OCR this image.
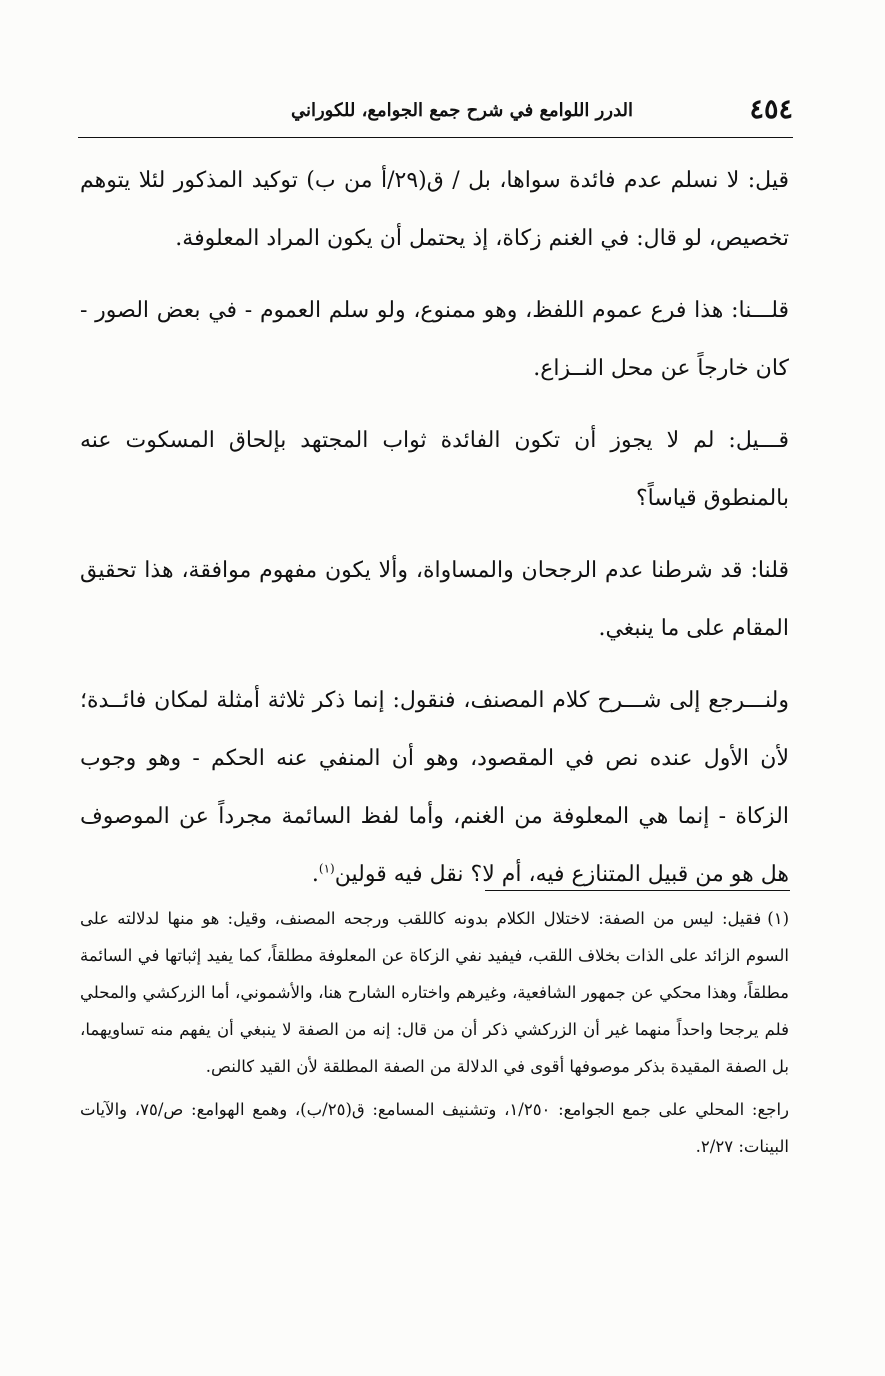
٤٥٤
الدرر اللوامع في شرح جمع الجوامع، للكوراني

قيل: لا نسلم عدم فائدة سواها، بل / ق(٢٩/أ من ب) توكيد المذكور لئلا يتوهم تخصيص، لو قال: في الغنم زكاة، إذ يحتمل أن يكون المراد المعلوفة.

قلـــنا: هذا فرع عموم اللفظ، وهو ممنوع، ولو سلم العموم - في بعض الصور - كان خارجاً عن محل النــزاع.

قـــيل: لم لا يجوز أن تكون الفائدة ثواب المجتهد بإلحاق المسكوت عنه بالمنطوق قياساً؟

قلنا: قد شرطنا عدم الرجحان والمساواة، وألا يكون مفهوم موافقة، هذا تحقيق المقام على ما ينبغي.

ولنـــرجع إلى شـــرح كلام المصنف، فنقول: إنما ذكر ثلاثة أمثلة لمكان فائــدة؛ لأن الأول عنده نص في المقصود، وهو أن المنفي عنه الحكم - وهو وجوب الزكاة - إنما هي المعلوفة من الغنم، وأما لفظ السائمة مجرداً عن الموصوف هل هو من قبيل المتنازع فيه، أم لا؟ نقل فيه قولين$^{(١)}$.

(١)فقيل: ليس من الصفة: لاختلال الكلام بدونه كاللقب ورجحه المصنف، وقيل: هو منها لدلالته على السوم الزائد على الذات بخلاف اللقب، فيفيد نفي الزكاة عن المعلوفة مطلقاً، كما يفيد إثباتها في السائمة مطلقاً، وهذا محكي عن جمهور الشافعية، وغيرهم واختاره الشارح هنا، والأشموني، أما الزركشي والمحلي فلم يرجحا واحداً منهما غير أن الزركشي ذكر أن من قال: إنه من الصفة لا ينبغي أن يفهم منه تساويهما، بل الصفة المقيدة بذكر موصوفها أقوى في الدلالة من الصفة المطلقة لأن القيد كالنص.

راجع: المحلي على جمع الجوامع: ١/٢٥٠، وتشنيف المسامع: ق(٢٥/ب)، وهمع الهوامع: ص/٧٥، والآيات البينات: ٢/٢٧.
